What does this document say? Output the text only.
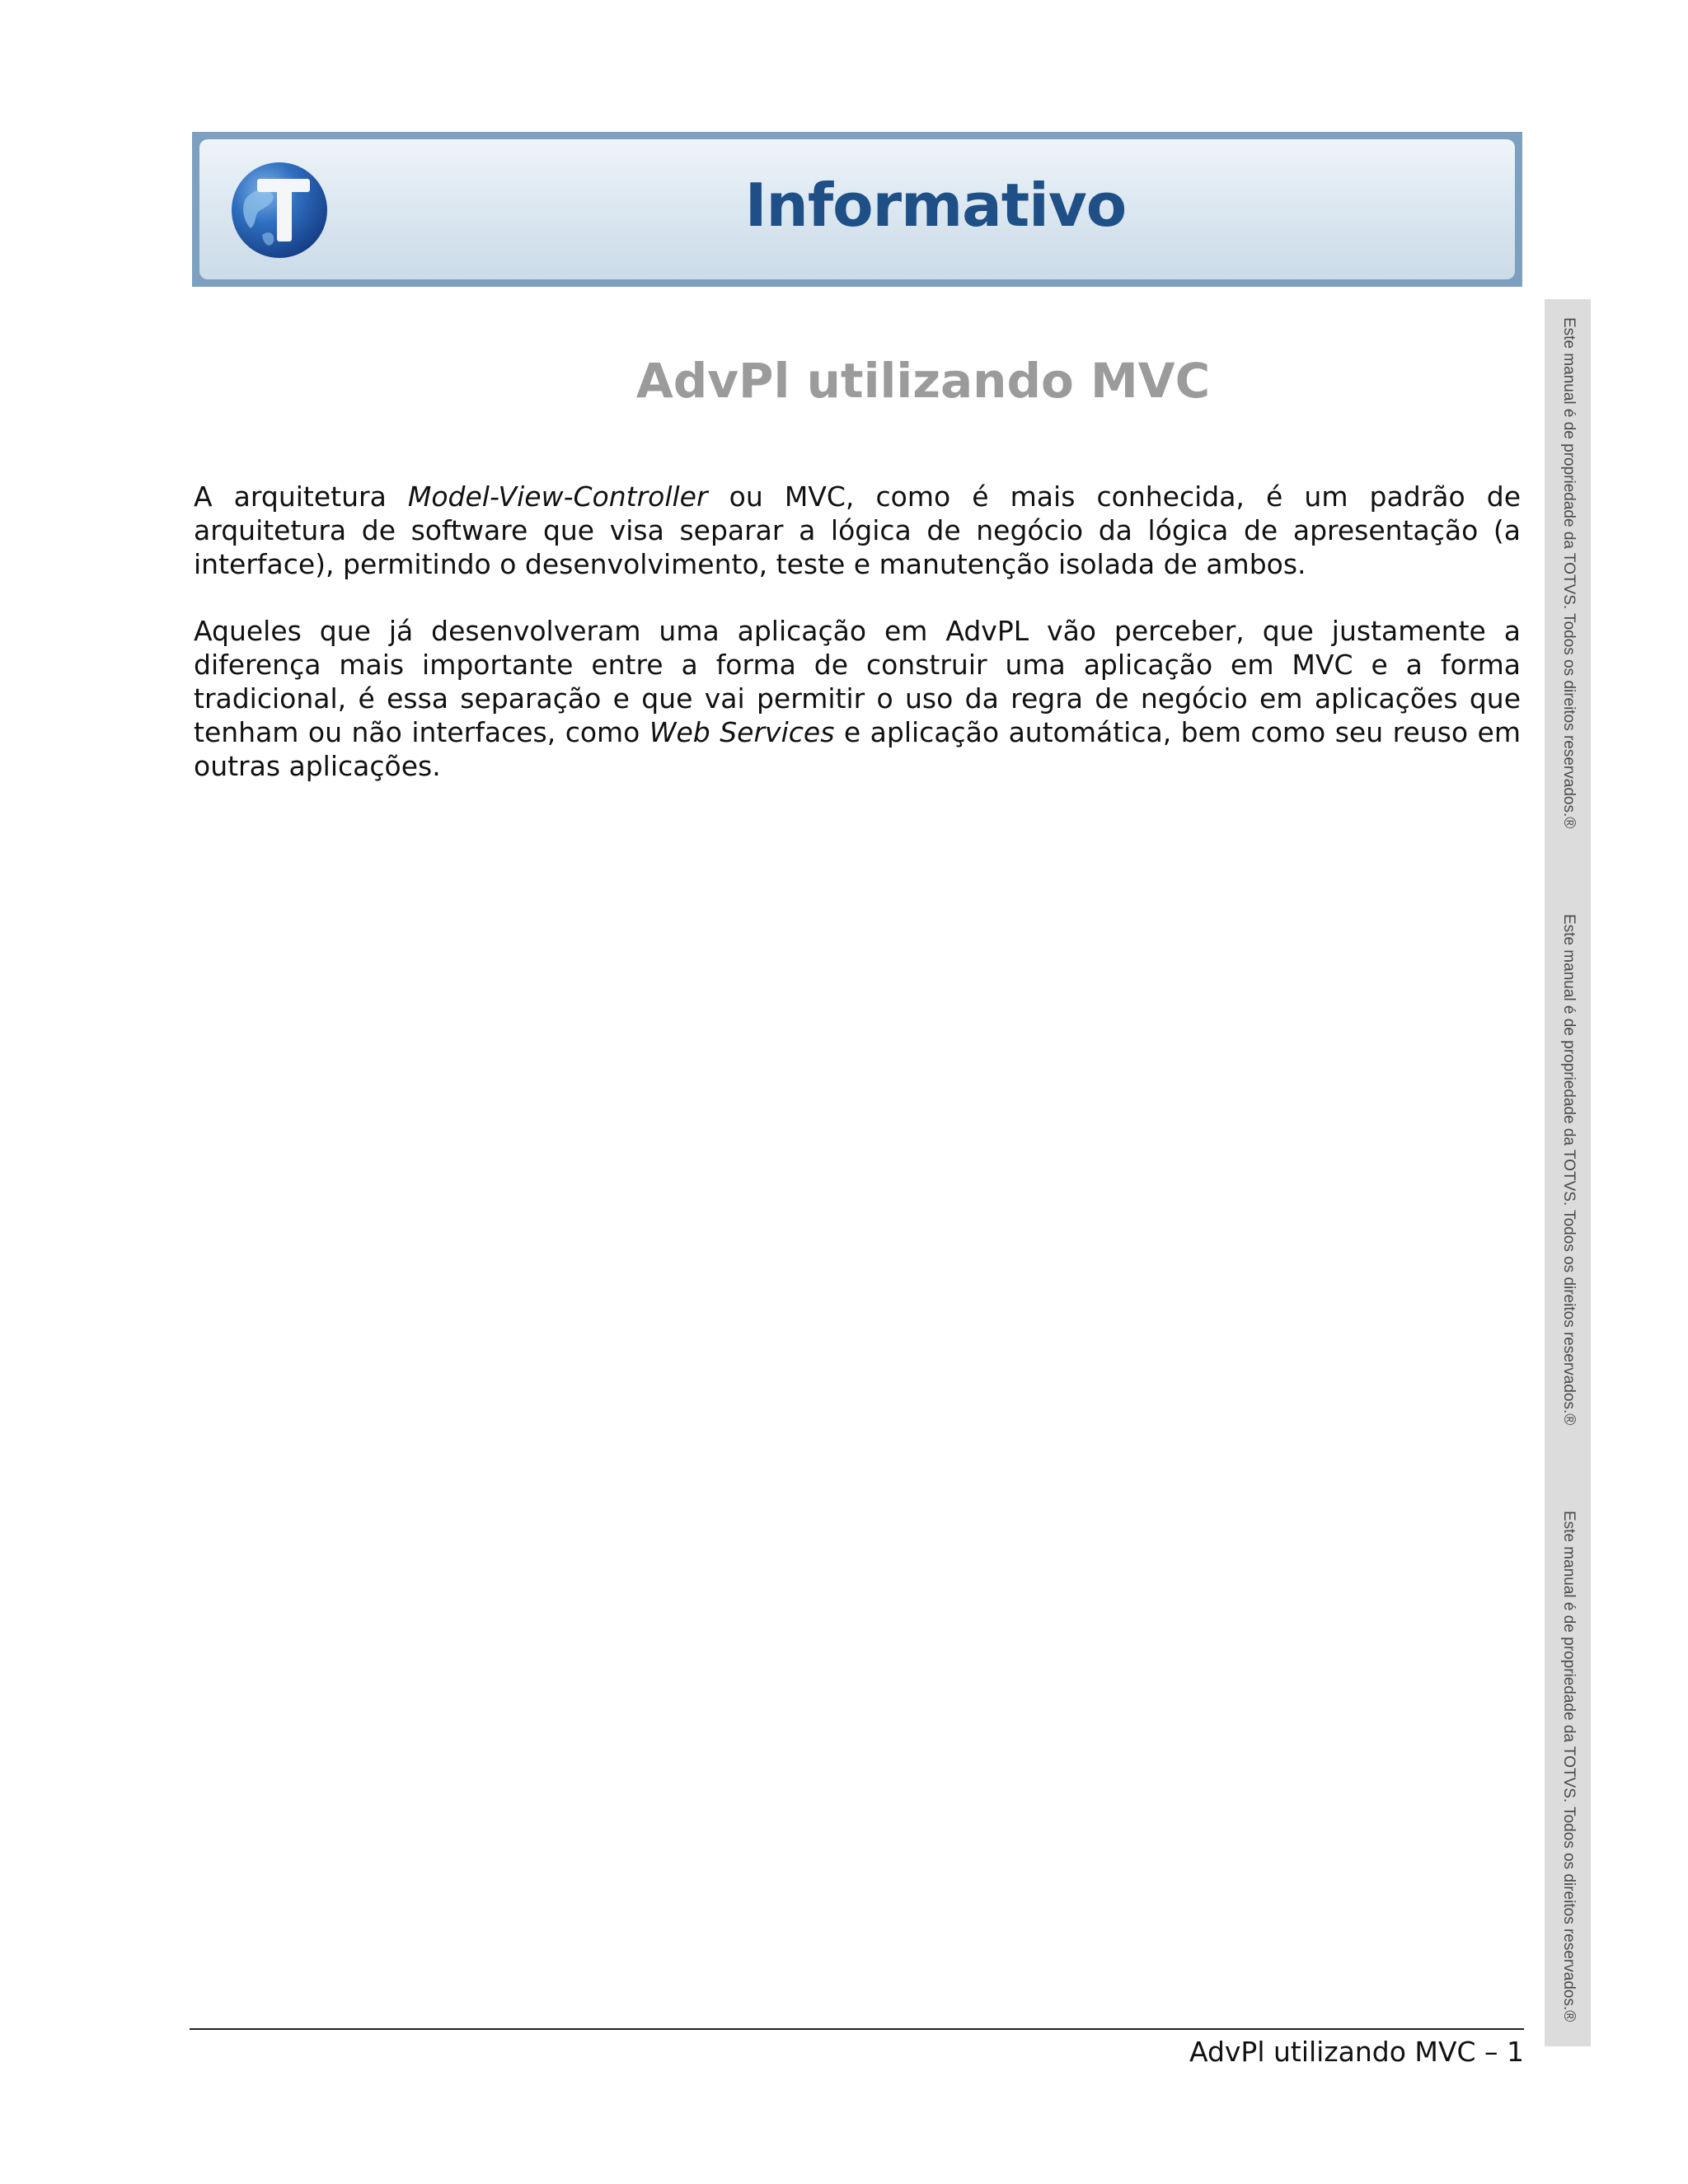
T
Informativo
AdvPl utilizando MVC

A arquitetura Model-View-Controller ou MVC, como é mais conhecida, é um padrão de arquitetura de software que visa separar a lógica de negócio da lógica de apresentação (a interface), permitindo o desenvolvimento, teste e manutenção isolada de ambos.

Aqueles que já desenvolveram uma aplicação em AdvPL vão perceber, que justamente a diferença mais importante entre a forma de construir uma aplicação em MVC e a forma tradicional, é essa separação e que vai permitir o uso da regra de negócio em aplicações que tenham ou não interfaces, como Web Services e aplicação automática, bem como seu reuso em outras aplicações.	Este manual é de propriedade da TOTVS. Todos os direitos reservados.®
Este manual é de propriedade da TOTVS. Todos os direitos reservados.®
Este manual é de propriedade da TOTVS. Todos os direitos reservados.®
AdvPl utilizando MVC – 1
